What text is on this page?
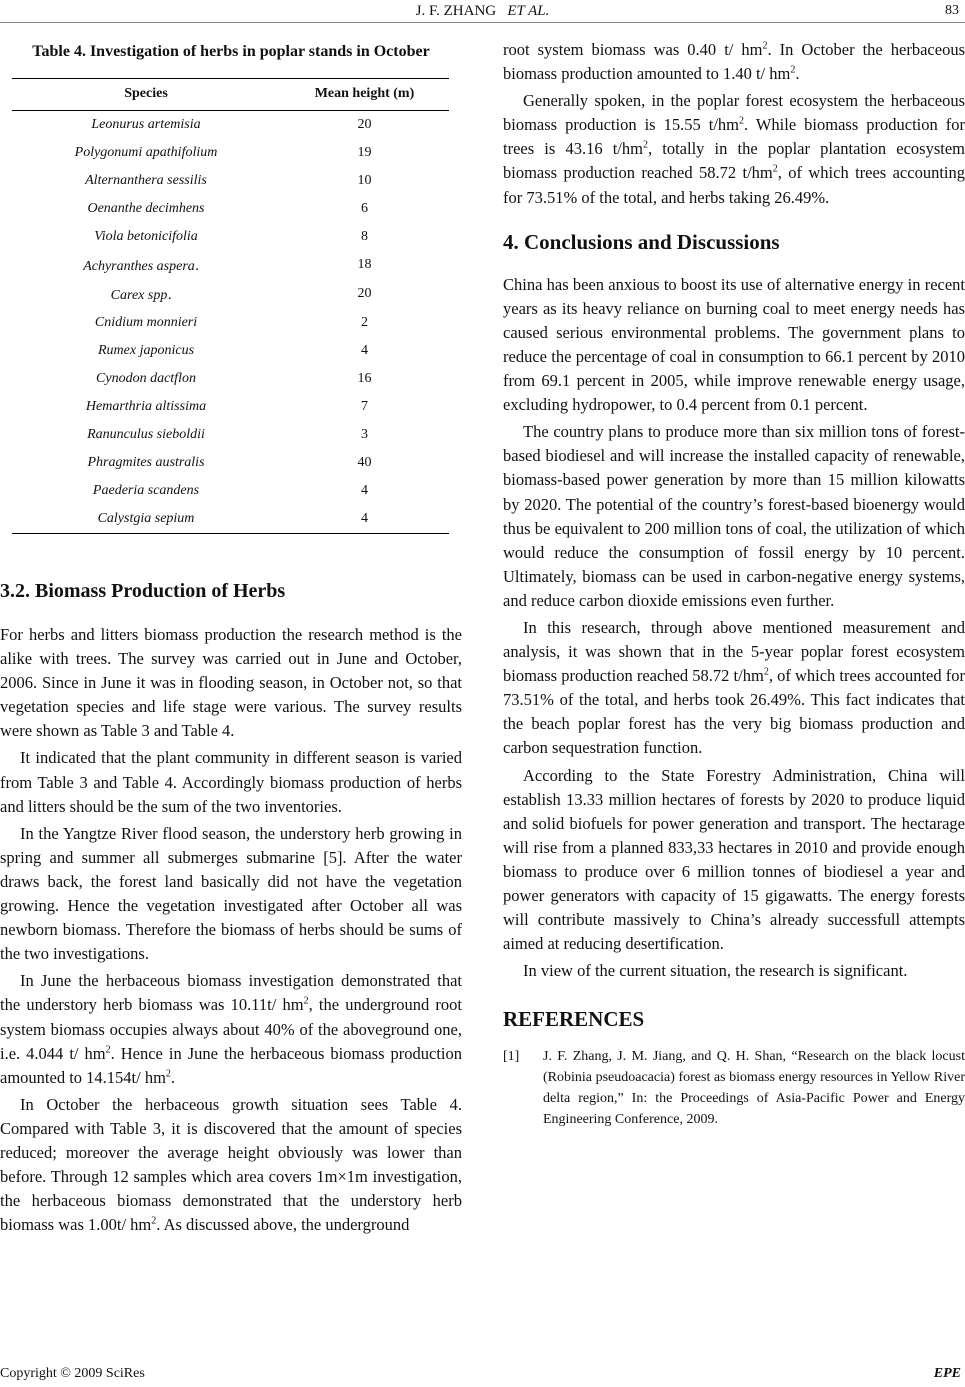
J. F. ZHANG ET AL.	83
Table 4. Investigation of herbs in poplar stands in October
Species	Mean height (m)
Leonurus artemisia	20
Polygonumi apathifolium	19
Alternanthera sessilis	10
Oenanthe decimhens	6
Viola betonicifolia	8
Achyranthes aspera．	18
Carex spp．	20
Cnidium monnieri	2
Rumex japonicus	4
Cynodon dactflon	16
Hemarthria altissima	7
Ranunculus sieboldii	3
Phragmites australis	40
Paederia scandens	4
Calystgia sepium	4
3.2. Biomass Production of Herbs

For herbs and litters biomass production the research method is the alike with trees. The survey was carried out in June and October, 2006. Since in June it was in flooding season, in October not, so that vegetation species and life stage were various. The survey results were shown as Table 3 and Table 4.

It indicated that the plant community in different season is varied from Table 3 and Table 4. Accordingly biomass production of herbs and litters should be the sum of the two inventories.

In the Yangtze River flood season, the understory herb growing in spring and summer all submerges submarine [5]. After the water draws back, the forest land basically did not have the vegetation growing. Hence the vegetation investigated after October all was newborn biomass. Therefore the biomass of herbs should be sums of the two investigations.

In June the herbaceous biomass investigation demonstrated that the understory herb biomass was 10.11t/ $hm^2$, the underground root system biomass occupies always about 40% of the aboveground one, i.e. 4.044 t/ $hm^2$. Hence in June the herbaceous biomass production amounted to 14.154t/ $hm^2$.

In October the herbaceous growth situation sees Table 4. Compared with Table 3, it is discovered that the amount of species reduced; moreover the average height obviously was lower than before. Through 12 samples which area covers 1m×1m investigation, the herbaceous biomass demonstrated that the understory herb biomass was 1.00t/ $hm^2$. As discussed above, the underground

root system biomass was 0.40 t/ $hm^2$. In October the herbaceous biomass production amounted to 1.40 t/ $hm^2$.

Generally spoken, in the poplar forest ecosystem the herbaceous biomass production is 15.55 $t/hm^2$. While biomass production for trees is 43.16 $t/hm^2$, totally in the poplar plantation ecosystem biomass production reached 58.72 $t/hm^2$, of which trees accounting for 73.51% of the total, and herbs taking 26.49%.

4. Conclusions and Discussions

China has been anxious to boost its use of alternative energy in recent years as its heavy reliance on burning coal to meet energy needs has caused serious environmental problems. The government plans to reduce the percentage of coal in consumption to 66.1 percent by 2010 from 69.1 percent in 2005, while improve renewable energy usage, excluding hydropower, to 0.4 percent from 0.1 percent.

The country plans to produce more than six million tons of forest-based biodiesel and will increase the installed capacity of renewable, biomass-based power generation by more than 15 million kilowatts by 2020. The potential of the country’s forest-based bioenergy would thus be equivalent to 200 million tons of coal, the utilization of which would reduce the consumption of fossil energy by 10 percent. Ultimately, biomass can be used in carbon-negative energy systems, and reduce carbon dioxide emissions even further.

In this research, through above mentioned measurement and analysis, it was shown that in the 5-year poplar forest ecosystem biomass production reached 58.72 $t/hm^2$, of which trees accounted for 73.51% of the total, and herbs took 26.49%. This fact indicates that the beach poplar forest has the very big biomass production and carbon sequestration function.

According to the State Forestry Administration, China will establish 13.33 million hectares of forests by 2020 to produce liquid and solid biofuels for power generation and transport. The hectarage will rise from a planned 833,33 hectares in 2010 and provide enough biomass to produce over 6 million tonnes of biodiesel a year and power generators with capacity of 15 gigawatts. The energy forests will contribute massively to China’s already successfull attempts aimed at reducing desertification.

In view of the current situation, the research is significant.

REFERENCES
[1]	J. F. Zhang, J. M. Jiang, and Q. H. Shan, “Research on the black locust (Robinia pseudoacacia) forest as biomass energy resources in Yellow River delta region,” In: the Proceedings of Asia-Pacific Power and Energy Engineering Conference, 2009.
Copyright © 2009 SciRes	EPE
